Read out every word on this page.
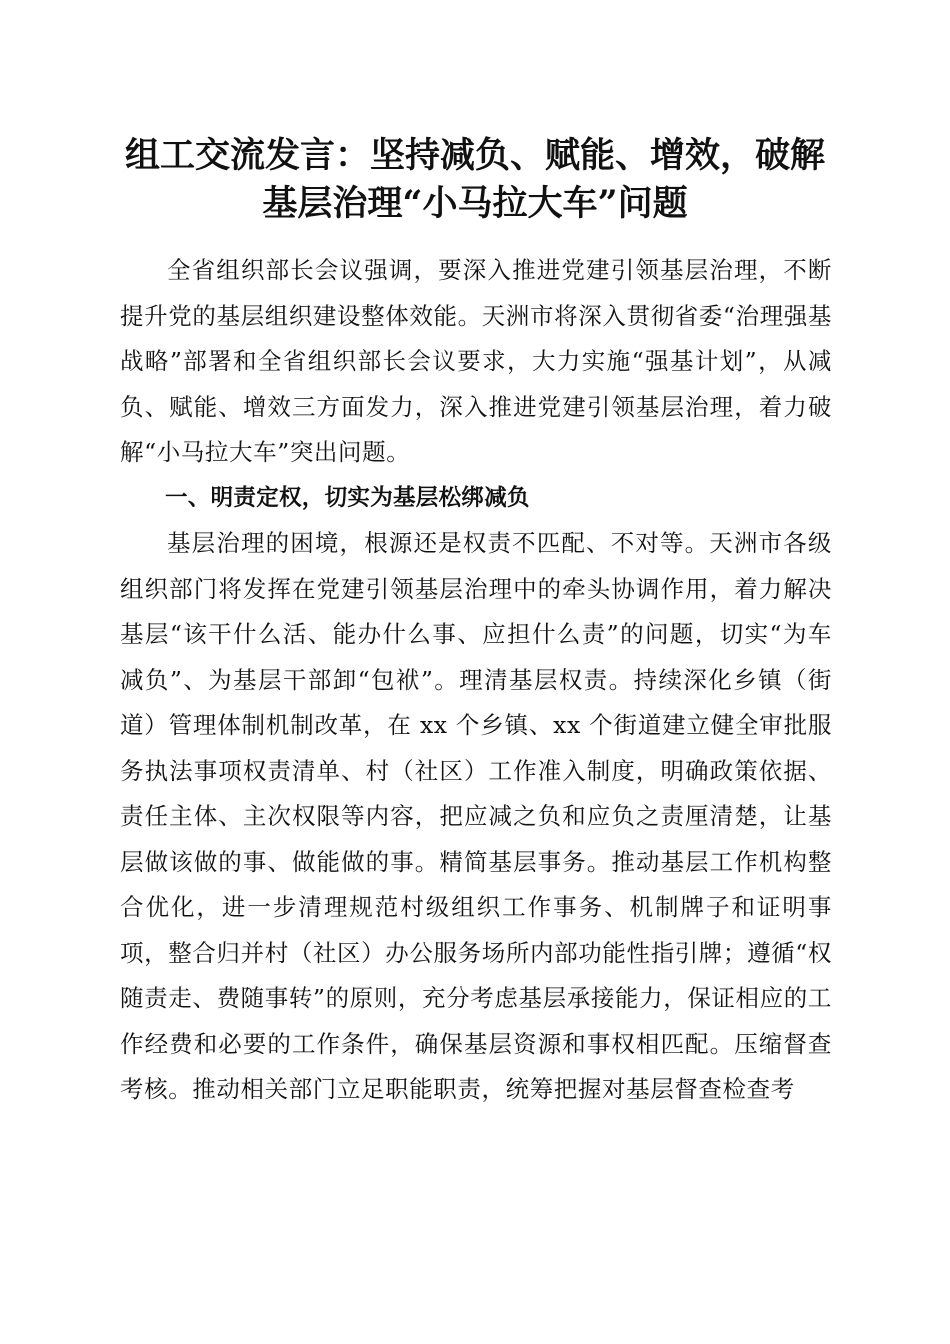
组工交流发言：坚持减负、赋能、增效，破解
基层治理“小马拉大车”问题

全省组织部长会议强调，要深入推进党建引领基层治理，不断提升党的基层组织建设整体效能。天洲市将深入贯彻省委“治理强基战略”部署和全省组织部长会议要求，大力实施“强基计划”，从减负、赋能、增效三方面发力，深入推进党建引领基层治理，着力破解“小马拉大车”突出问题。

一、明责定权，切实为基层松绑减负

基层治理的困境，根源还是权责不匹配、不对等。天洲市各级组织部门将发挥在党建引领基层治理中的牵头协调作用，着力解决基层“该干什么活、能办什么事、应担什么责”的问题，切实“为车减负”、为基层干部卸“包袱”。理清基层权责。持续深化乡镇（街道）管理体制机制改革，在 xx 个乡镇、xx 个街道建立健全审批服务执法事项权责清单、村（社区）工作准入制度，明确政策依据、责任主体、主次权限等内容，把应减之负和应负之责厘清楚，让基层做该做的事、做能做的事。精简基层事务。推动基层工作机构整合优化，进一步清理规范村级组织工作事务、机制牌子和证明事项，整合归并村（社区）办公服务场所内部功能性指引牌；遵循“权随责走、费随事转”的原则，充分考虑基层承接能力，保证相应的工作经费和必要的工作条件，确保基层资源和事权相匹配。压缩督查考核。推动相关部门立足职能职责，统筹把握对基层督查检查考
